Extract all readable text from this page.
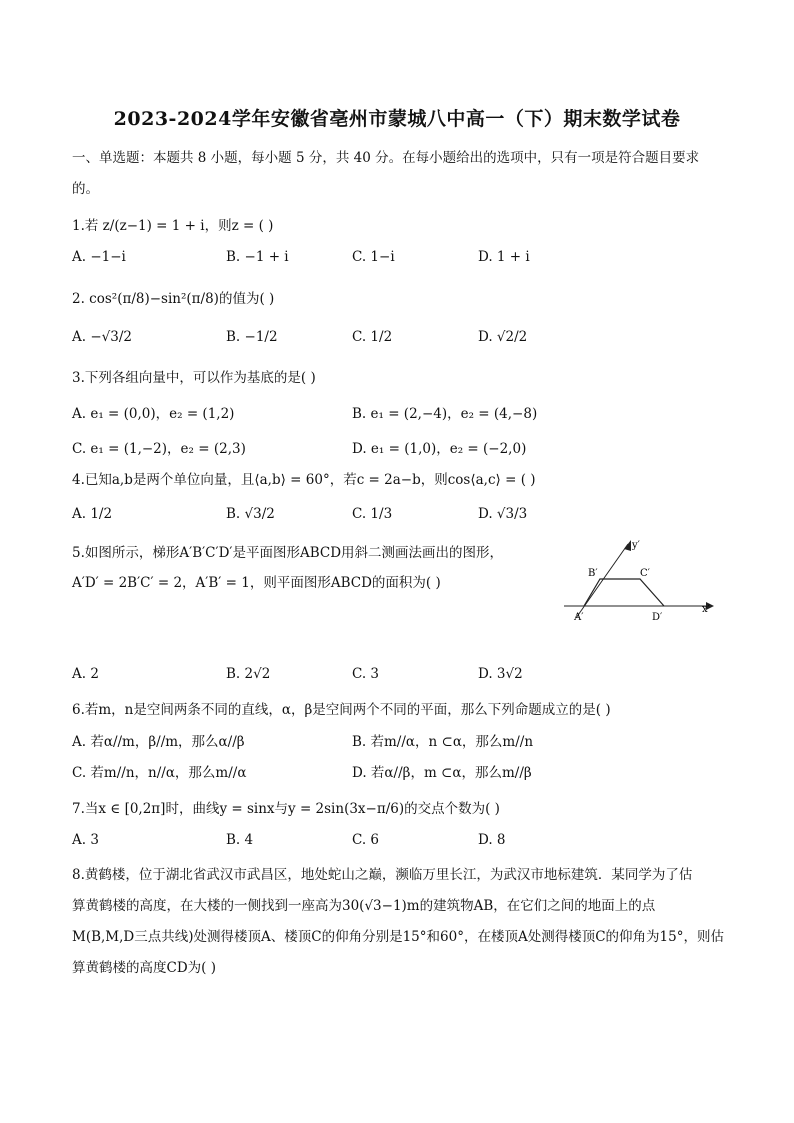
2023-2024学年安徽省亳州市蒙城八中高一（下）期末数学试卷
一、单选题：本题共 8 小题，每小题 5 分，共 40 分。在每小题给出的选项中，只有一项是符合题目要求
的。
1.若 z/(z−1) = 1 + i，则z = ( )
A. −1−i	B. −1 + i	C. 1−i	D. 1 + i
2. cos²(π/8)−sin²(π/8)的值为( )
A. −√3/2	B. −1/2	C. 1/2	D. √2/2
3.下列各组向量中，可以作为基底的是( )
A. e₁ = (0,0)，e₂ = (1,2)	B. e₁ = (2,−4)，e₂ = (4,−8)
C. e₁ = (1,−2)，e₂ = (2,3)	D. e₁ = (1,0)，e₂ = (−2,0)
4.已知a,b是两个单位向量，且⟨a,b⟩ = 60°，若c = 2a−b，则cos⟨a,c⟩ = ( )
A. 1/2	B. √3/2	C. 1/3	D. √3/3
5.如图所示，梯形A′B′C′D′是平面图形ABCD用斜二测画法画出的图形，
A′D′ = 2B′C′ = 2，A′B′ = 1，则平面图形ABCD的面积为( )
y′
x′
A′
B′	C′
D′
A. 2	B. 2√2	C. 3	D. 3√2
6.若m，n是空间两条不同的直线，α，β是空间两个不同的平面，那么下列命题成立的是( )
A. 若α//m，β//m，那么α//β	B. 若m//α，n ⊂α，那么m//n
C. 若m//n，n//α，那么m//α	D. 若α//β，m ⊂α，那么m//β
7.当x ∈ [0,2π]时，曲线y = sinx与y = 2sin(3x−π/6)的交点个数为( )
A. 3	B. 4	C. 6	D. 8
8.黄鹤楼，位于湖北省武汉市武昌区，地处蛇山之巅，濒临万里长江，为武汉市地标建筑．某同学为了估
算黄鹤楼的高度，在大楼的一侧找到一座高为30(√3−1)m的建筑物AB，在它们之间的地面上的点
M(B,M,D三点共线)处测得楼顶A、楼顶C的仰角分别是15°和60°，在楼顶A处测得楼顶C的仰角为15°，则估
算黄鹤楼的高度CD为( )
